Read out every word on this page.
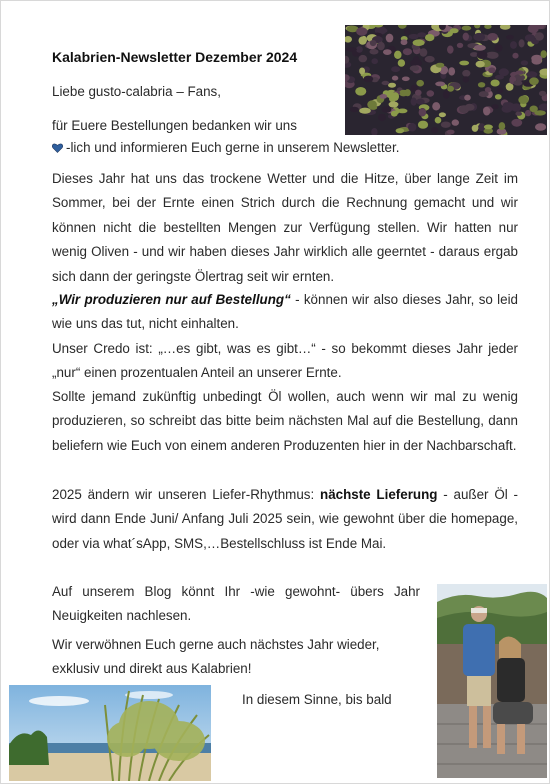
Kalabrien-Newsletter Dezember 2024
Liebe gusto-calabria – Fans,
für Euere Bestellungen bedanken wir uns
-lich und informieren Euch gerne in unserem Newsletter.
Dieses Jahr hat uns das trockene Wetter und die Hitze, über lange Zeit im Sommer, bei der Ernte einen Strich durch die Rechnung gemacht und wir können nicht die bestellten Mengen zur Verfügung stellen. Wir hatten nur wenig Oliven - und wir haben dieses Jahr wirklich alle geerntet - daraus ergab sich dann der geringste Ölertrag seit wir ernten.
„Wir produzieren nur auf Bestellung“ - können wir also dieses Jahr, so leid wie uns das tut, nicht einhalten.
Unser Credo ist: „…es gibt, was es gibt…“ - so bekommt dieses Jahr jeder „nur“ einen prozentualen Anteil an unserer Ernte.
Sollte jemand zukünftig unbedingt Öl wollen, auch wenn wir mal zu wenig produzieren, so schreibt das bitte beim nächsten Mal auf die Bestellung, dann beliefern wie Euch von einem anderen Produzenten hier in der Nachbarschaft.
2025 ändern wir unseren Liefer-Rhythmus: nächste Lieferung - außer Öl - wird dann Ende Juni/ Anfang Juli 2025 sein, wie gewohnt über die homepage, oder via what´sApp, SMS,…Bestellschluss ist Ende Mai.
Auf unserem Blog könnt Ihr -wie gewohnt- übers Jahr Neuigkeiten nachlesen.
Wir verwöhnen Euch gerne auch nächstes Jahr wieder, exklusiv und direkt aus Kalabrien!
In diesem Sinne, bis bald
